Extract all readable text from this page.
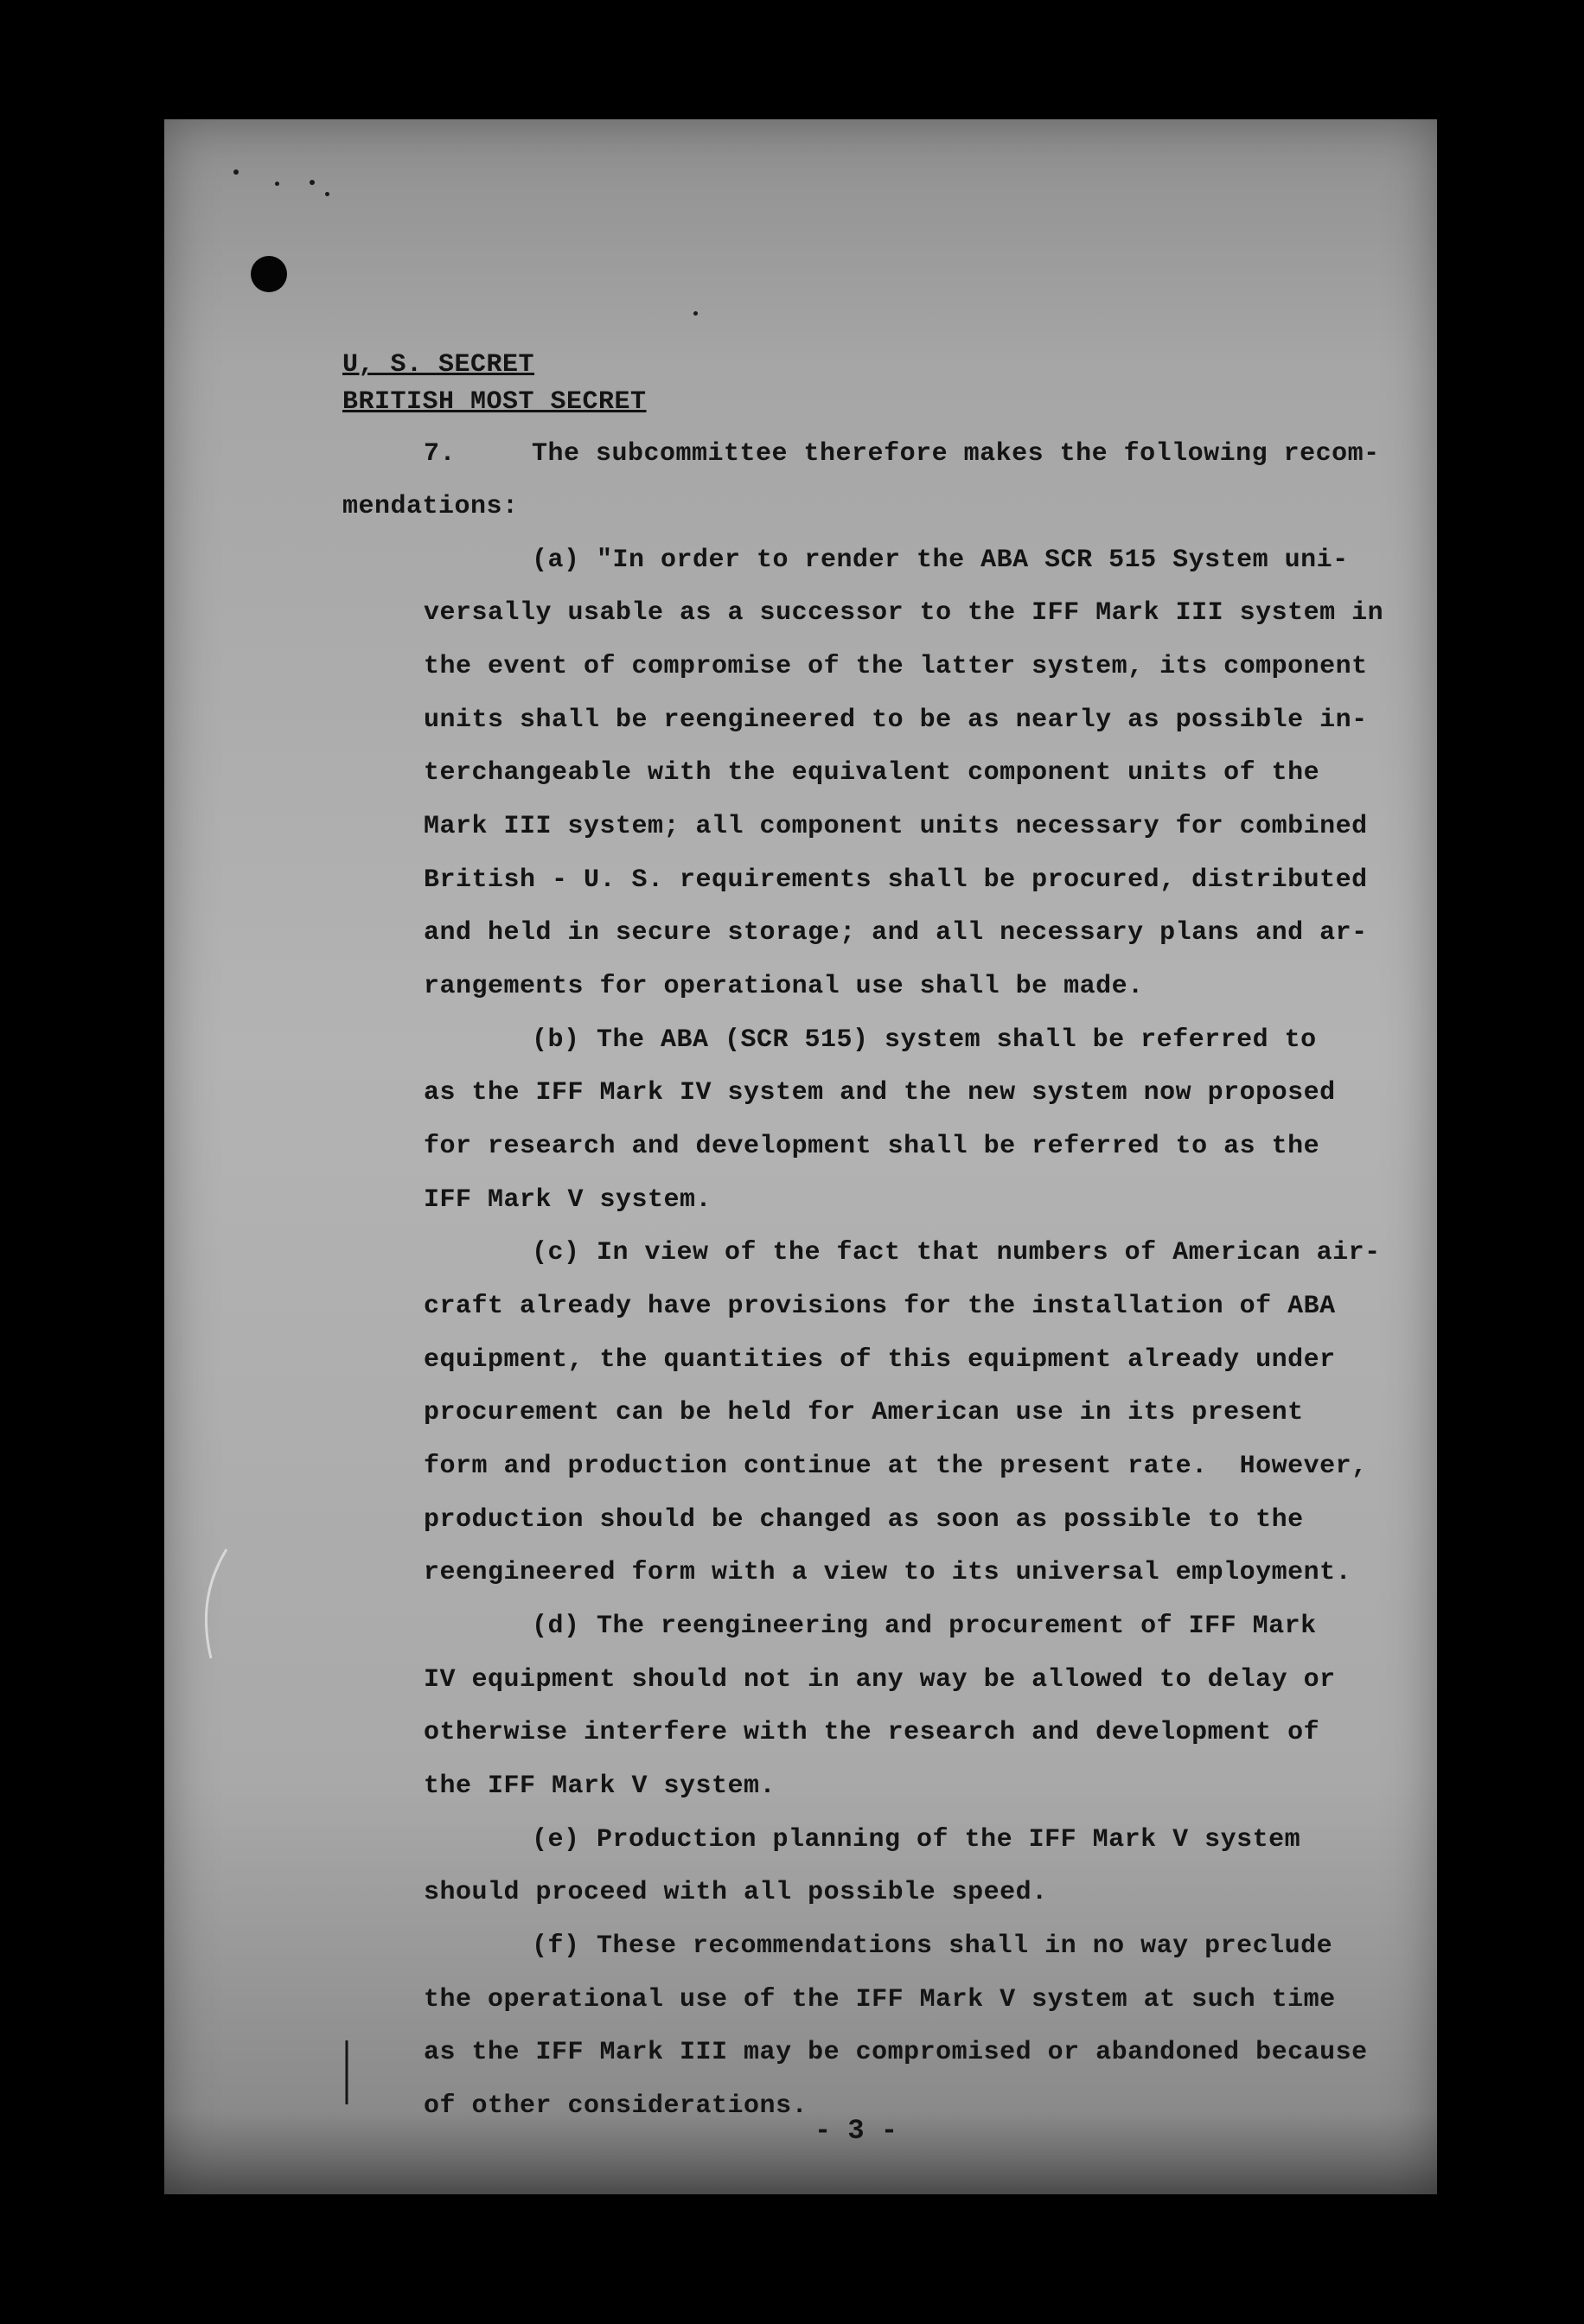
U, S. SECRET
BRITISH MOST SECRET
7.	The subcommittee therefore makes the following recom-
mendations:
(a) "In order to render the ABA SCR 515 System uni-
versally usable as a successor to the IFF Mark III system in
the event of compromise of the latter system, its component
units shall be reengineered to be as nearly as possible in-
terchangeable with the equivalent component units of the
Mark III system; all component units necessary for combined
British - U. S. requirements shall be procured, distributed
and held in secure storage; and all necessary plans and ar-
rangements for operational use shall be made.
(b) The ABA (SCR 515) system shall be referred to
as the IFF Mark IV system and the new system now proposed
for research and development shall be referred to as the
IFF Mark V system.
(c) In view of the fact that numbers of American air-
craft already have provisions for the installation of ABA
equipment, the quantities of this equipment already under
procurement can be held for American use in its present
form and production continue at the present rate.  However,
production should be changed as soon as possible to the
reengineered form with a view to its universal employment.
(d) The reengineering and procurement of IFF Mark
IV equipment should not in any way be allowed to delay or
otherwise interfere with the research and development of
the IFF Mark V system.
(e) Production planning of the IFF Mark V system
should proceed with all possible speed.
(f) These recommendations shall in no way preclude
the operational use of the IFF Mark V system at such time
as the IFF Mark III may be compromised or abandoned because
of other considerations.
- 3 -
